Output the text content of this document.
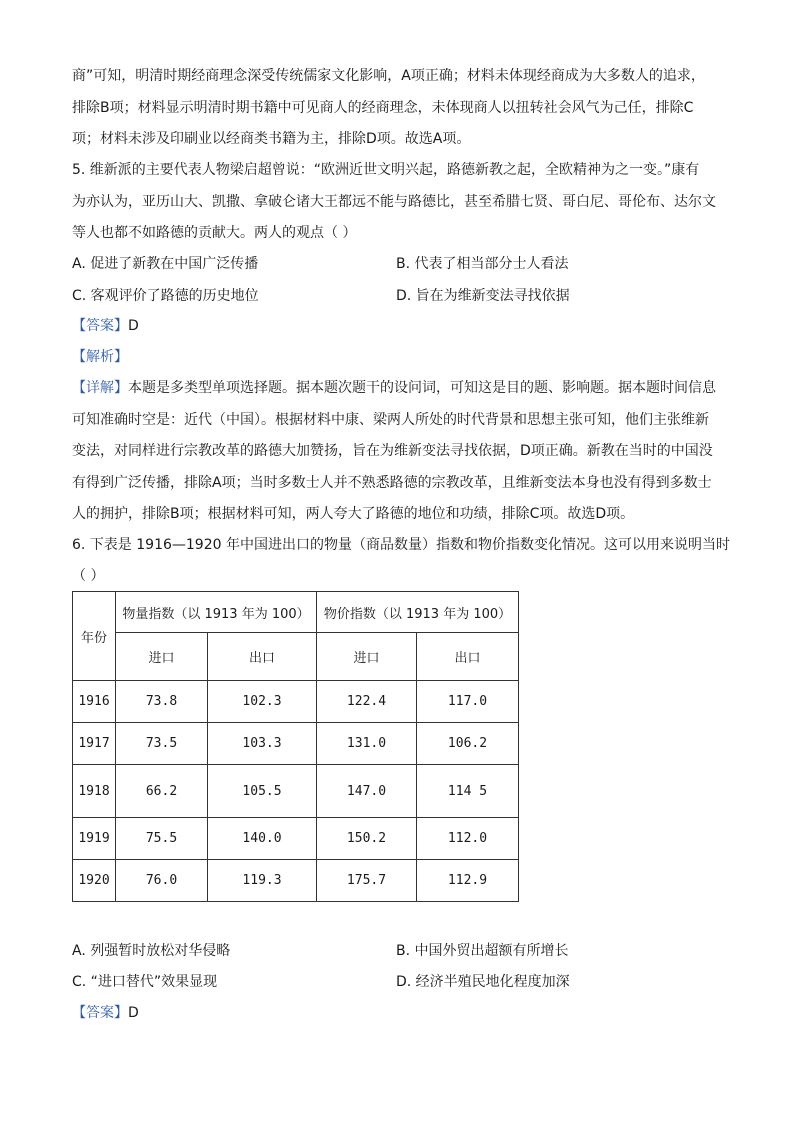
商”可知，明清时期经商理念深受传统儒家文化影响，A项正确；材料未体现经商成为大多数人的追求，
排除B项；材料显示明清时期书籍中可见商人的经商理念，未体现商人以扭转社会风气为己任，排除C
项；材料未涉及印刷业以经商类书籍为主，排除D项。故选A项。
5. 维新派的主要代表人物梁启超曾说：“欧洲近世文明兴起，路德新教之起，全欧精神为之一变。”康有
为亦认为，亚历山大、凯撒、拿破仑诸大王都远不能与路德比，甚至希腊七贤、哥白尼、哥伦布、达尔文
等人也都不如路德的贡献大。两人的观点（ ）
A. 促进了新教在中国广泛传播	B. 代表了相当部分士人看法
C. 客观评价了路德的历史地位	D. 旨在为维新变法寻找依据
【答案】D
【解析】
【详解】本题是多类型单项选择题。据本题次题干的设问词，可知这是目的题、影响题。据本题时间信息
可知准确时空是：近代（中国）。根据材料中康、梁两人所处的时代背景和思想主张可知，他们主张维新
变法，对同样进行宗教改革的路德大加赞扬，旨在为维新变法寻找依据，D项正确。新教在当时的中国没
有得到广泛传播，排除A项；当时多数士人并不熟悉路德的宗教改革，且维新变法本身也没有得到多数士
人的拥护，排除B项；根据材料可知，两人夸大了路德的地位和功绩，排除C项。故选D项。
6. 下表是 1916—1920 年中国进出口的物量（商品数量）指数和物价指数变化情况。这可以用来说明当时
（ ）
年份	物量指数（以 1913 年为 100）		物价指数（以 1913 年为 100）	
	进口	出口	进口	出口
1916	73.8	102.3	122.4	117.0
1917	73.5	103.3	131.0	106.2
1918	66.2	105.5	147.0	114 5
1919	75.5	140.0	150.2	112.0
1920	76.0	119.3	175.7	112.9
A. 列强暂时放松对华侵略	B. 中国外贸出超额有所增长
C. “进口替代”效果显现	D. 经济半殖民地化程度加深
【答案】D
